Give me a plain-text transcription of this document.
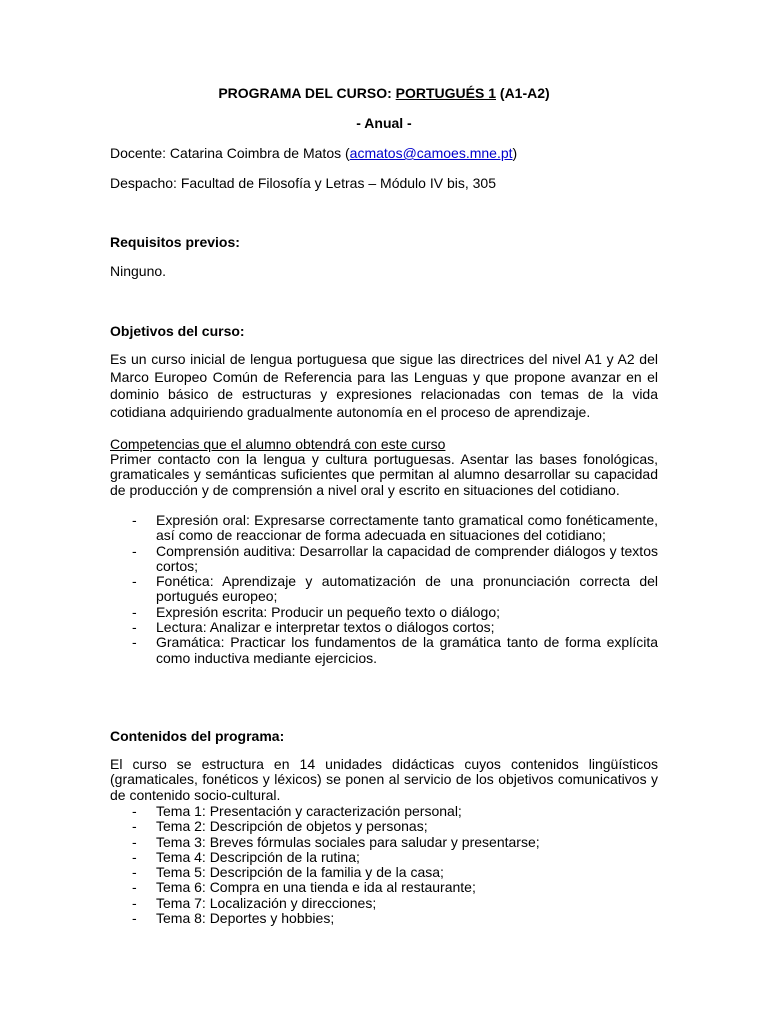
PROGRAMA DEL CURSO: PORTUGUÉS 1 (A1-A2)
- Anual -
Docente: Catarina Coimbra de Matos (acmatos@camoes.mne.pt)
Despacho: Facultad de Filosofía y Letras – Módulo IV bis, 305
Requisitos previos:
Ninguno.
Objetivos del curso:
Es un curso inicial de lengua portuguesa que sigue las directrices del nivel A1 y A2 del Marco Europeo Común de Referencia para las Lenguas y que propone avanzar en el dominio básico de estructuras y expresiones relacionadas con temas de la vida cotidiana adquiriendo gradualmente autonomía en el proceso de aprendizaje.
Competencias que el alumno obtendrá con este curso
Primer contacto con la lengua y cultura portuguesas. Asentar las bases fonológicas, gramaticales y semánticas suficientes que permitan al alumno desarrollar su capacidad de producción y de comprensión a nivel oral y escrito en situaciones del cotidiano.
- Expresión oral: Expresarse correctamente tanto gramatical como fonéticamente, así como de reaccionar de forma adecuada en situaciones del cotidiano;
- Comprensión auditiva: Desarrollar la capacidad de comprender diálogos y textos cortos;
- Fonética: Aprendizaje y automatización de una pronunciación correcta del portugués europeo;
- Expresión escrita: Producir un pequeño texto o diálogo;
- Lectura: Analizar e interpretar textos o diálogos cortos;
- Gramática: Practicar los fundamentos de la gramática tanto de forma explícita como inductiva mediante ejercicios.
Contenidos del programa:
El curso se estructura en 14 unidades didácticas cuyos contenidos lingüísticos (gramaticales, fonéticos y léxicos) se ponen al servicio de los objetivos comunicativos y de contenido socio-cultural.
- Tema 1: Presentación y caracterización personal;
- Tema 2: Descripción de objetos y personas;
- Tema 3: Breves fórmulas sociales para saludar y presentarse;
- Tema 4: Descripción de la rutina;
- Tema 5: Descripción de la familia y de la casa;
- Tema 6: Compra en una tienda e ida al restaurante;
- Tema 7: Localización y direcciones;
- Tema 8: Deportes y hobbies;
